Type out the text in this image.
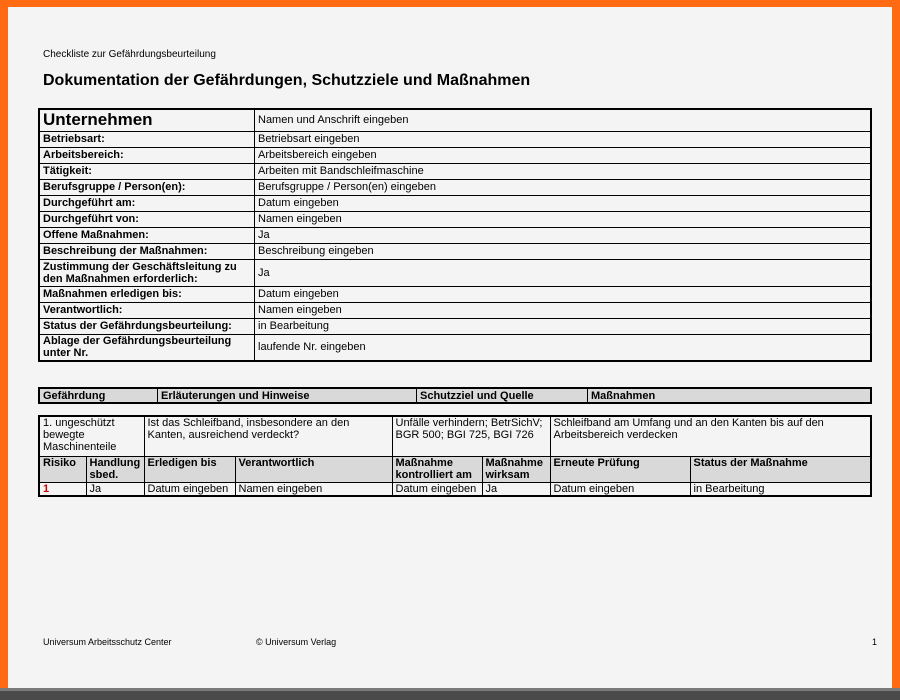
Checkliste zur Gefährdungsbeurteilung
Dokumentation der Gefährdungen, Schutzziele und Maßnahmen
Unternehmen	Namen und Anschrift eingeben
Betriebsart:	Betriebsart eingeben
Arbeitsbereich:	Arbeitsbereich eingeben
Tätigkeit:	Arbeiten mit Bandschleifmaschine
Berufsgruppe / Person(en):	Berufsgruppe / Person(en) eingeben
Durchgeführt am:	Datum eingeben
Durchgeführt von:	Namen eingeben
Offene Maßnahmen:	Ja
Beschreibung der Maßnahmen:	Beschreibung eingeben
Zustimmung der Geschäftsleitung zu den Maßnahmen erforderlich:	Ja
Maßnahmen erledigen bis:	Datum eingeben
Verantwortlich:	Namen eingeben
Status der Gefährdungsbeurteilung:	in Bearbeitung
Ablage der Gefährdungsbeurteilung unter Nr.	laufende Nr. eingeben
Gefährdung	Erläuterungen und Hinweise	Schutzziel und Quelle	Maßnahmen
1. ungeschützt bewegte Maschinenteile		Ist das Schleifband, insbesondere an den Kanten, ausreichend verdeckt?		Unfälle verhindern; BetrSichV; BGR 500; BGI 725, BGI 726		Schleifband am Umfang und an den Kanten bis auf den Arbeitsbereich verdecken	
Risiko	Handlung sbed.	Erledigen bis	Verantwortlich	Maßnahme kontrolliert am	Maßnahme wirksam	Erneute Prüfung	Status der Maßnahme
1	Ja	Datum eingeben	Namen eingeben	Datum eingeben	Ja	Datum eingeben	in Bearbeitung
Universum Arbeitsschutz Center	© Universum Verlag	1
